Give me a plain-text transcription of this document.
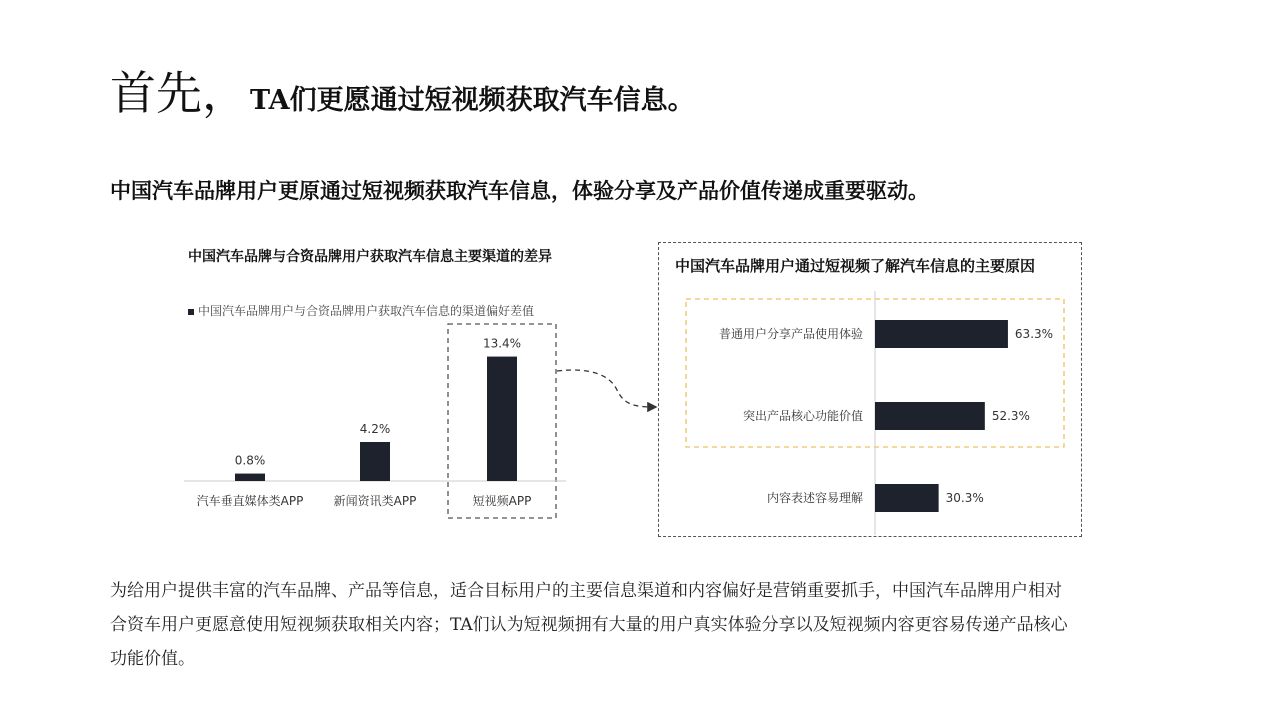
首先，TA们更愿通过短视频获取汽车信息。
中国汽车品牌用户更原通过短视频获取汽车信息，体验分享及产品价值传递成重要驱动。
中国汽车品牌与合资品牌用户获取汽车信息主要渠道的差异
中国汽车品牌用户与合资品牌用户获取汽车信息的渠道偏好差值
0.8%
汽车垂直媒体类APP
4.2%
新闻资讯类APP
13.4%
短视频APP
中国汽车品牌用户通过短视频了解汽车信息的主要原因
63.3%
普通用户分享产品使用体验
52.3%
突出产品核心功能价值
30.3%
内容表述容易理解

为给用户提供丰富的汽车品牌、产品等信息，适合目标用户的主要信息渠道和内容偏好是营销重要抓手，中国汽车品牌用户相对

合资车用户更愿意使用短视频获取相关内容；TA们认为短视频拥有大量的用户真实体验分享以及短视频内容更容易传递产品核心

功能价值。
